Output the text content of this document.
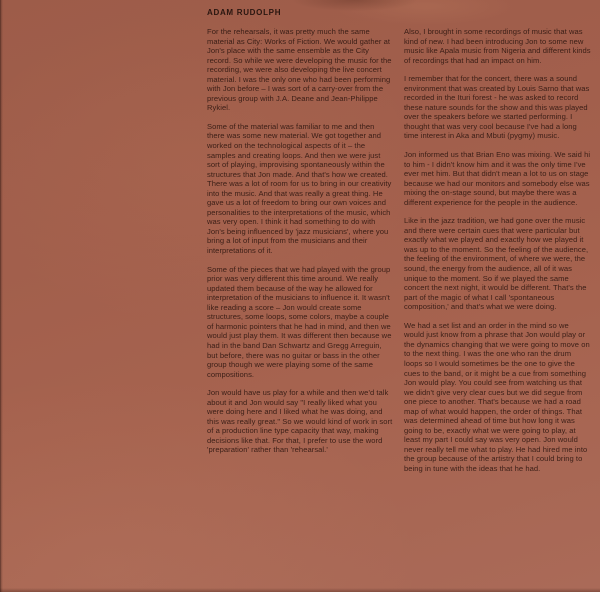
ADAM RUDOLPH

For the rehearsals, it was pretty much the same material as City: Works of Fiction. We would gather at Jon's place with the same ensemble as the City record. So while we were developing the music for the recording, we were also developing the live concert material. I was the only one who had been performing with Jon before – I was sort of a carry-over from the previous group with J.A. Deane and Jean-Philippe Rykiel.

Some of the material was familiar to me and then there was some new material. We got together and worked on the technological aspects of it – the samples and creating loops. And then we were just sort of playing, improvising spontaneously within the structures that Jon made. And that's how we created. There was a lot of room for us to bring in our creativity into the music. And that was really a great thing. He gave us a lot of freedom to bring our own voices and personalities to the interpretations of the music, which was very open. I think it had something to do with Jon's being influenced by 'jazz musicians', where you bring a lot of input from the musicians and their interpretations of it.

Some of the pieces that we had played with the group prior was very different this time around. We really updated them because of the way he allowed for interpretation of the musicians to influence it. It wasn't like reading a score – Jon would create some structures, some loops, some colors, maybe a couple of harmonic pointers that he had in mind, and then we would just play them. It was different then because we had in the band Dan Schwartz and Gregg Arreguin, but before, there was no guitar or bass in the other group though we were playing some of the same compositions.

Jon would have us play for a while and then we'd talk about it and Jon would say "I really liked what you were doing here and I liked what he was doing, and this was really great." So we would kind of work in sort of a production line type capacity that way, making decisions like that. For that, I prefer to use the word 'preparation' rather than 'rehearsal.'

Also, I brought in some recordings of music that was kind of new. I had been introducing Jon to some new music like Apala music from Nigeria and different kinds of recordings that had an impact on him.

I remember that for the concert, there was a sound environment that was created by Louis Sarno that was recorded in the Ituri forest - he was asked to record these nature sounds for the show and this was played over the speakers before we started performing. I thought that was very cool because I've had a long time interest in Aka and Mbuti (pygmy) music.

Jon informed us that Brian Eno was mixing. We said hi to him - I didn't know him and it was the only time I've ever met him. But that didn't mean a lot to us on stage because we had our monitors and somebody else was mixing the on-stage sound, but maybe there was a different experience for the people in the audience.

Like in the jazz tradition, we had gone over the music and there were certain cues that were particular but exactly what we played and exactly how we played it was up to the moment. So the feeling of the audience, the feeling of the environment, of where we were, the sound, the energy from the audience, all of it was unique to the moment. So if we played the same concert the next night, it would be different. That's the part of the magic of what I call 'spontaneous composition,' and that's what we were doing.

We had a set list and an order in the mind so we would just know from a phrase that Jon would play or the dynamics changing that we were going to move on to the next thing. I was the one who ran the drum loops so I would sometimes be the one to give the cues to the band, or it might be a cue from something Jon would play. You could see from watching us that we didn't give very clear cues but we did segue from one piece to another. That's because we had a road map of what would happen, the order of things. That was determined ahead of time but how long it was going to be, exactly what we were going to play, at least my part I could say was very open. Jon would never really tell me what to play. He had hired me into the group because of the artistry that I could bring to being in tune with the ideas that he had.
